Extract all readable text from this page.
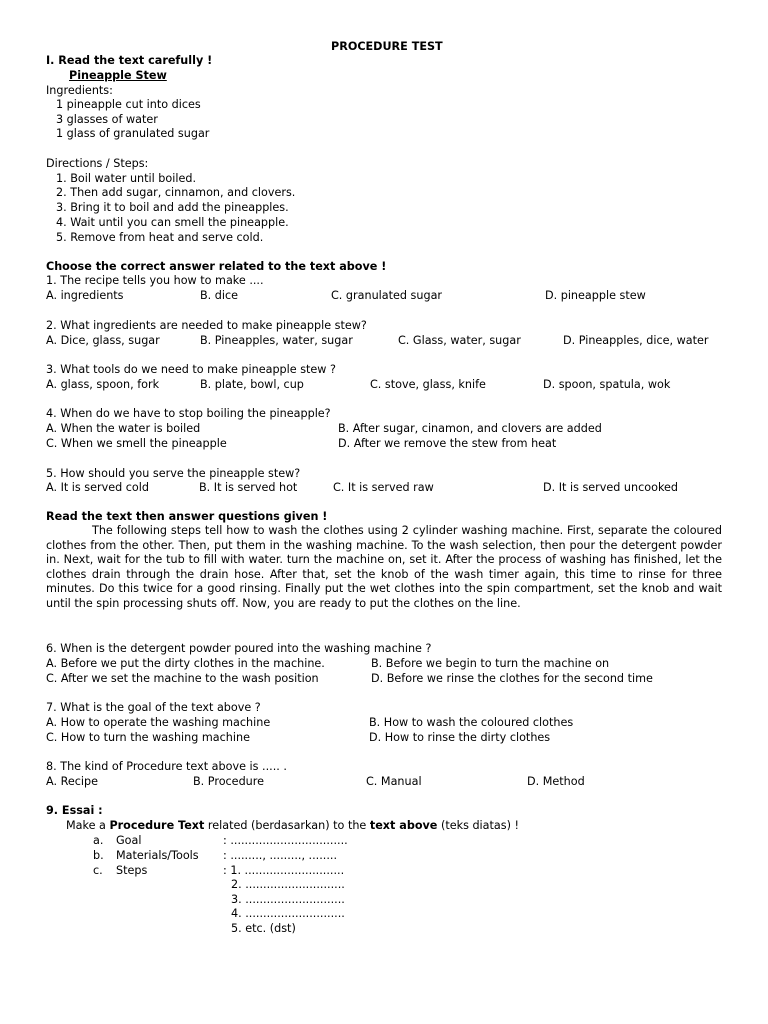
PROCEDURE TEST
I. Read the text carefully !
Pineapple Stew
Ingredients:
1 pineapple cut into dices
3 glasses of water
1 glass of granulated sugar
Directions / Steps:
1. Boil water until boiled.
2. Then add sugar, cinnamon, and clovers.
3. Bring it to boil and add the pineapples.
4. Wait until you can smell the pineapple.
5. Remove from heat and serve cold.
Choose the correct answer related to the text above !
1. The recipe tells you how to make ....
A. ingredients	B. dice	C. granulated sugar	D. pineapple stew
2. What ingredients are needed to make pineapple stew?
A. Dice, glass, sugar	B. Pineapples, water, sugar	C. Glass, water, sugar	D. Pineapples, dice, water
3. What tools do we need to make pineapple stew ?
A. glass, spoon, fork	B. plate, bowl, cup	C. stove, glass, knife	D. spoon, spatula, wok
4. When do we have to stop boiling the pineapple?
A. When the water is boiled	B. After sugar, cinamon, and clovers are added
C. When we smell the pineapple	D. After we remove the stew from heat
5. How should you serve the pineapple stew?
A. It is served cold	B. It is served hot	C. It is served raw	D. It is served uncooked
Read the text then answer questions given !
The following steps tell how to wash the clothes using 2 cylinder washing machine. First, separate the coloured clothes from the other. Then, put them in the washing machine. To the wash selection, then pour the detergent powder in. Next, wait for the tub to fill with water. turn the machine on, set it. After the process of washing has finished, let the clothes drain through the drain hose. After that, set the knob of the wash timer again, this time to rinse for three minutes. Do this twice for a good rinsing. Finally put the wet clothes into the spin compartment, set the knob and wait until the spin processing shuts off. Now, you are ready to put the clothes on the line.
6. When is the detergent powder poured into the washing machine ?
A. Before we put the dirty clothes in the machine.	B. Before we begin to turn the machine on
C. After we set the machine to the wash position	D. Before we rinse the clothes for the second time
7. What is the goal of the text above ?
A. How to operate the washing machine	B. How to wash the coloured clothes
C. How to turn the washing machine	D. How to rinse the dirty clothes
8. The kind of Procedure text above is ..... .
A. Recipe	B. Procedure	C. Manual	D. Method
9. Essai :
Make a Procedure Text related (berdasarkan) to the text above (teks diatas) !
a. Goal	: .................................
b. Materials/Tools : ........., ........., ........
c. Steps	: 1. ............................
2. ............................
3. ............................
4. ............................
5. etc. (dst)
